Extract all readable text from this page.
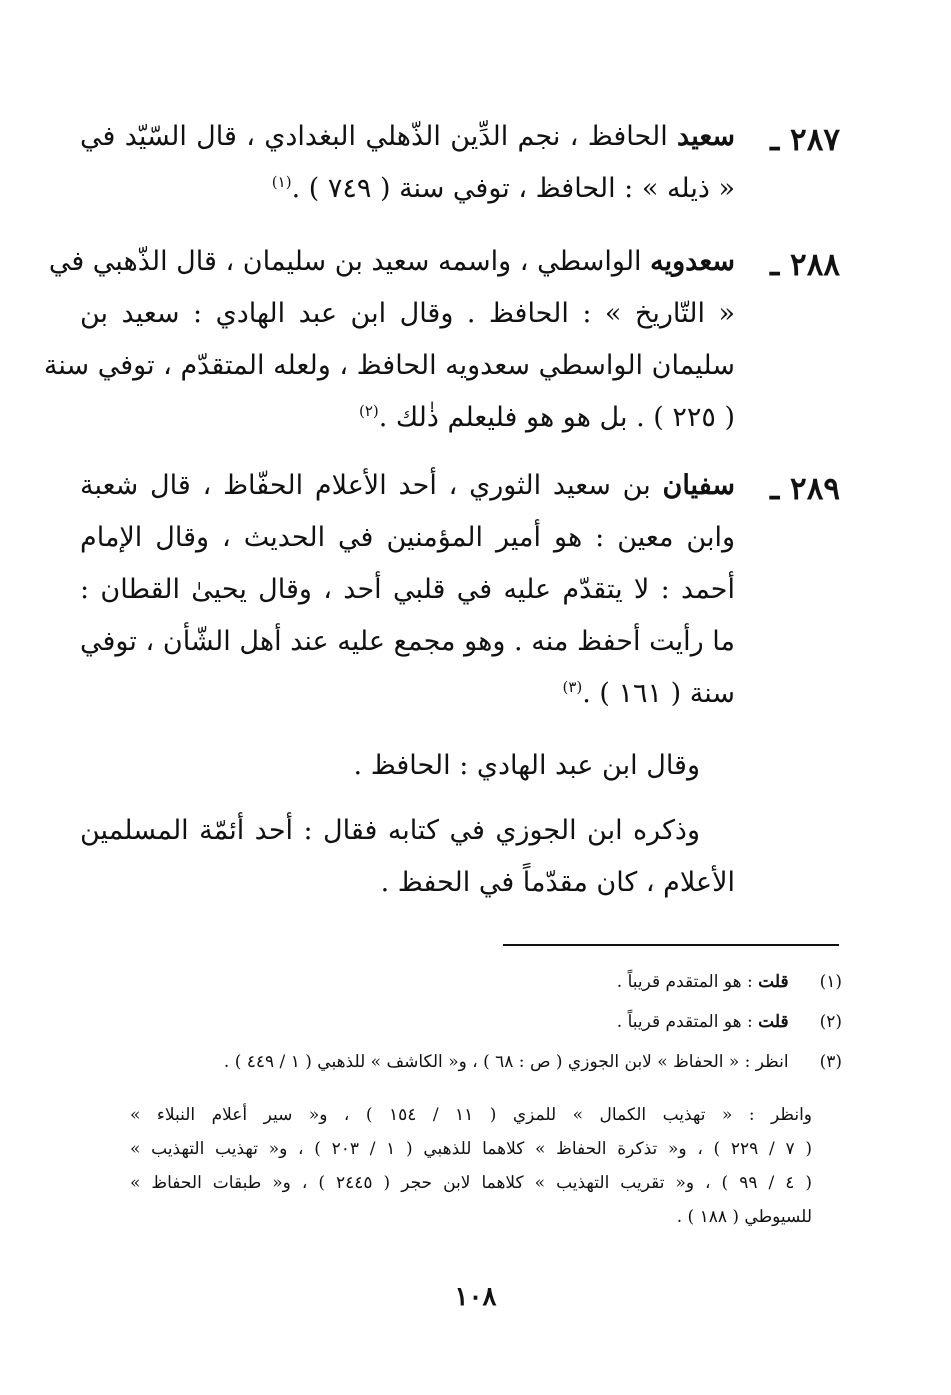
٢٨٧ ـ
سعيد الحافظ ، نجم الدِّين الذّهلي البغدادي ، قال السّيّد في
« ذيله » : الحافظ ، توفي سنة ( ٧٤٩ ) .$^{(١)}$
٢٨٨ ـ
سعدويه الواسطي ، واسمه سعيد بن سليمان ، قال الذّهبي في
« التّاريخ » : الحافظ . وقال ابن عبد الهادي : سعيد بن
سليمان الواسطي سعدويه الحافظ ، ولعله المتقدّم ، توفي سنة
( ٢٢٥ ) . بل هو هو فليعلم ذٰلك .$^{(٢)}$
٢٨٩ ـ
سفيان بن سعيد الثوري ، أحد الأعلام الحفّاظ ، قال شعبة
وابن معين : هو أمير المؤمنين في الحديث ، وقال الإمام
أحمد : لا يتقدّم عليه في قلبي أحد ، وقال يحيىٰ القطان :
ما رأيت أحفظ منه . وهو مجمع عليه عند أهل الشّأن ، توفي
سنة ( ١٦١ ) .$^{(٣)}$
وقال ابن عبد الهادي : الحافظ .
وذكره ابن الجوزي في كتابه فقال : أحد أئمّة المسلمين
الأعلام ، كان مقدّماً في الحفظ .
(١) قلت : هو المتقدم قريباً .
(٢) قلت : هو المتقدم قريباً .
(٣) انظر : « الحفاظ » لابن الجوزي ( ص : ٦٨ ) ، و« الكاشف » للذهبي ( ١ / ٤٤٩ ) .
وانظر : « تهذيب الكمال » للمزي ( ١١ / ١٥٤ ) ، و« سير أعلام النبلاء »
( ٧ / ٢٢٩ ) ، و« تذكرة الحفاظ » كلاهما للذهبي ( ١ / ٢٠٣ ) ، و« تهذيب التهذيب »
( ٤ / ٩٩ ) ، و« تقريب التهذيب » كلاهما لابن حجر ( ٢٤٤٥ ) ، و« طبقات الحفاظ »
للسيوطي ( ١٨٨ ) .
١٠٨
